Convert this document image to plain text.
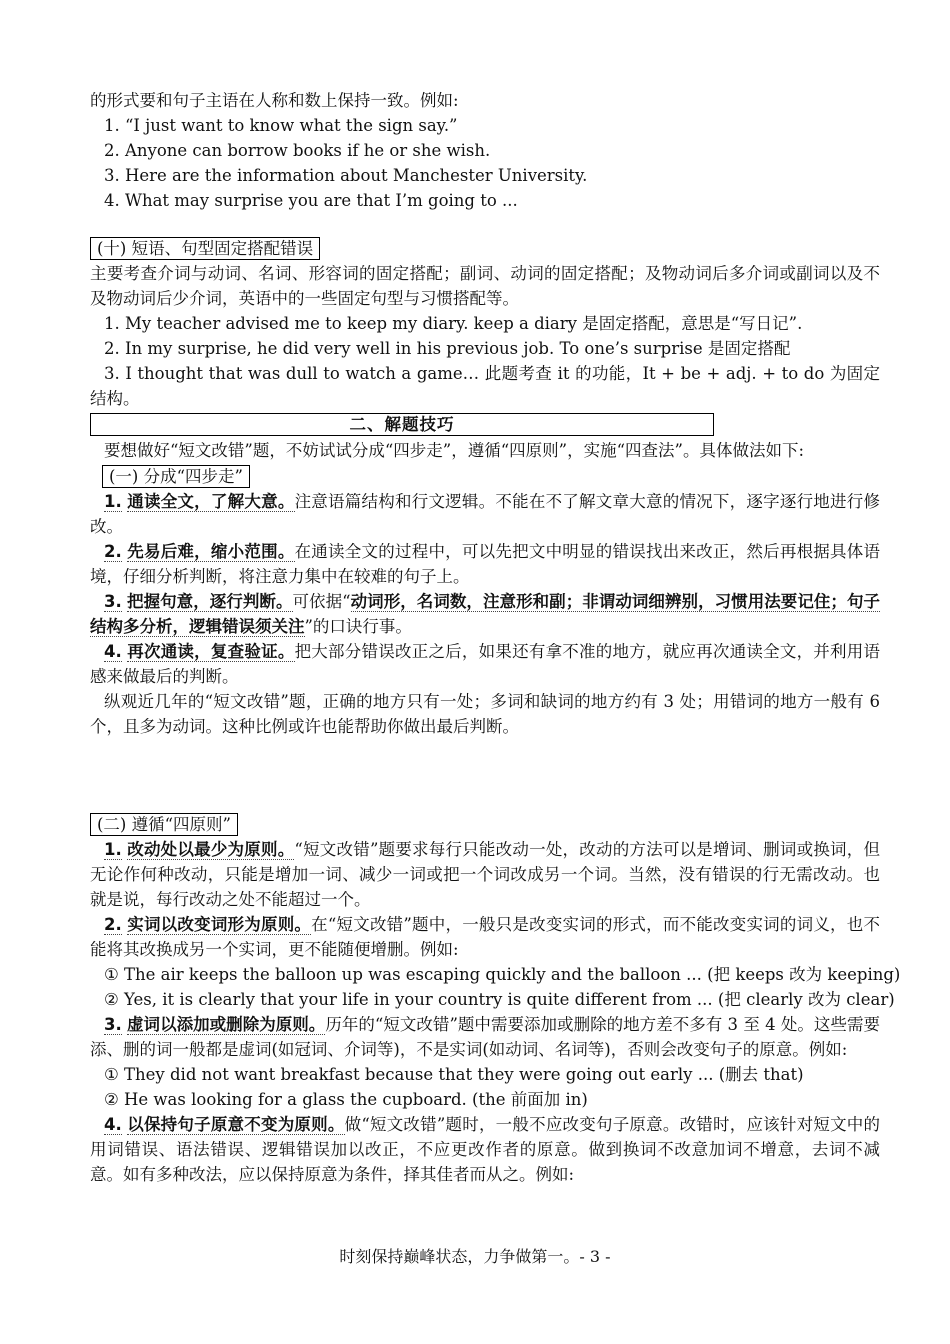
的形式要和句子主语在人称和数上保持一致。例如:
1. “I just want to know what the sign say.”
2. Anyone can borrow books if he or she wish.
3. Here are the information about Manchester University.
4. What may surprise you are that I’m going to ...
(十) 短语、句型固定搭配错误
主要考查介词与动词、名词、形容词的固定搭配；副词、动词的固定搭配；及物动词后多介词或副词以及不及物动词后少介词，英语中的一些固定句型与习惯搭配等。
1. My teacher advised me to keep my diary. keep a diary 是固定搭配，意思是“写日记”.
2. In my surprise, he did very well in his previous job. To one’s surprise 是固定搭配
3. I thought that was dull to watch a game… 此题考查 it 的功能，It + be + adj. + to do 为固定结构。
二、解题技巧
要想做好“短文改错”题，不妨试试分成“四步走”，遵循“四原则”，实施“四查法”。具体做法如下:
(一) 分成“四步走”
1. 通读全文，了解大意。注意语篇结构和行文逻辑。不能在不了解文章大意的情况下，逐字逐行地进行修改。
2. 先易后难，缩小范围。在通读全文的过程中，可以先把文中明显的错误找出来改正，然后再根据具体语境，仔细分析判断，将注意力集中在较难的句子上。
3. 把握句意，逐行判断。可依据“动词形，名词数，注意形和副；非谓动词细辨别，习惯用法要记住；句子结构多分析，逻辑错误须关注”的口诀行事。
4. 再次通读，复查验证。把大部分错误改正之后，如果还有拿不准的地方，就应再次通读全文，并利用语感来做最后的判断。
纵观近几年的“短文改错”题，正确的地方只有一处；多词和缺词的地方约有 3 处；用错词的地方一般有 6 个，且多为动词。这种比例或许也能帮助你做出最后判断。
(二) 遵循“四原则”
1. 改动处以最少为原则。“短文改错”题要求每行只能改动一处，改动的方法可以是增词、删词或换词，但无论作何种改动，只能是增加一词、减少一词或把一个词改成另一个词。当然，没有错误的行无需改动。也就是说，每行改动之处不能超过一个。
2. 实词以改变词形为原则。在“短文改错”题中，一般只是改变实词的形式，而不能改变实词的词义，也不能将其改换成另一个实词，更不能随便增删。例如:
① The air keeps the balloon up was escaping quickly and the balloon ... (把 keeps 改为 keeping)
② Yes, it is clearly that your life in your country is quite different from ... (把 clearly 改为 clear)
3. 虚词以添加或删除为原则。历年的“短文改错”题中需要添加或删除的地方差不多有 3 至 4 处。这些需要添、删的词一般都是虚词(如冠词、介词等)，不是实词(如动词、名词等)，否则会改变句子的原意。例如:
① They did not want breakfast because that they were going out early ... (删去 that)
② He was looking for a glass the cupboard. (the 前面加 in)
4. 以保持句子原意不变为原则。做“短文改错”题时，一般不应改变句子原意。改错时，应该针对短文中的用词错误、语法错误、逻辑错误加以改正，不应更改作者的原意。做到换词不改意加词不增意，去词不减意。如有多种改法，应以保持原意为条件，择其佳者而从之。例如:
时刻保持巅峰状态，力争做第一。- 3 -
